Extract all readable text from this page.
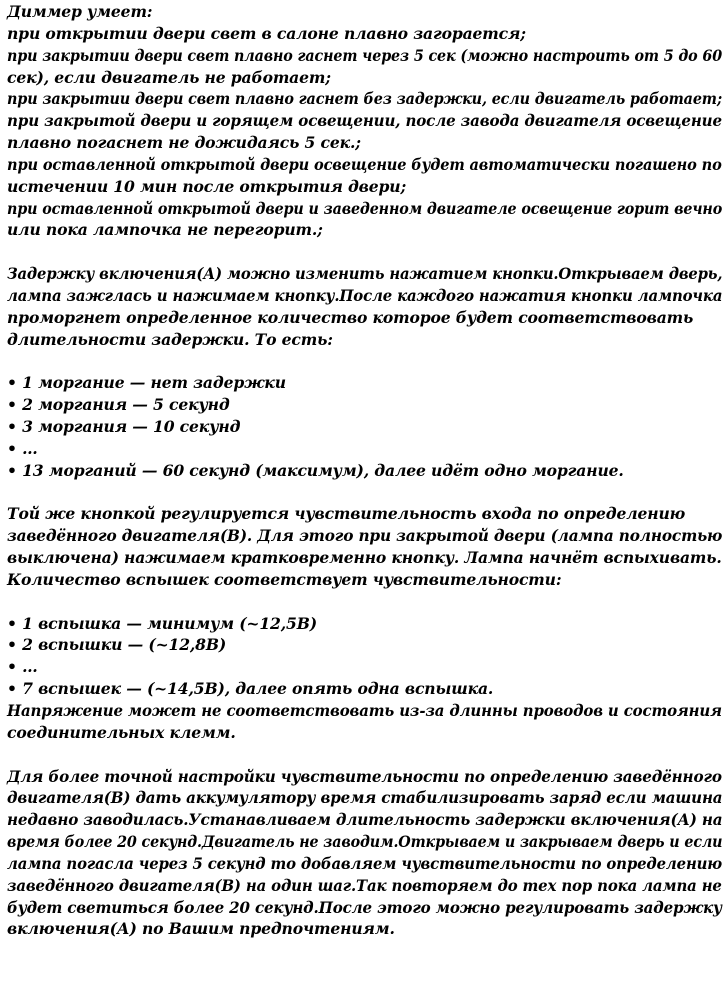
Диммер умеет:
при открытии двери свет в салоне плавно загорается;
при закрытии двери свет плавно гаснет через 5 сек (можно настроить от 5 до 60
сек), если двигатель не работает;
при закрытии двери свет плавно гаснет без задержки, если двигатель работает;
при закрытой двери и горящем освещении, после завода двигателя освещение
плавно погаснет не дожидаясь 5 сек.;
при оставленной открытой двери освещение будет автоматически погашено по
истечении 10 мин после открытия двери;
при оставленной открытой двери и заведенном двигателе освещение горит вечно
или пока лампочка не перегорит.;
Задержку включения(А) можно изменить нажатием кнопки.Открываем дверь,
лампа зажглась и нажимаем кнопку.После каждого нажатия кнопки лампочка
проморгнет определенное количество которое будет соответствовать
длительности задержки. То есть:
• 1 моргание — нет задержки
• 2 моргания — 5 секунд
• 3 моргания — 10 секунд
• …
• 13 морганий — 60 секунд (максимум), далее идёт одно моргание.
Той же кнопкой регулируется чувствительность входа по определению
заведённого двигателя(В). Для этого при закрытой двери (лампа полностью
выключена) нажимаем кратковременно кнопку. Лампа начнёт вспыхивать.
Количество вспышек соответствует чувствительности:
• 1 вспышка — минимум (~12,5В)
• 2 вспышки — (~12,8В)
• …
• 7 вспышек — (~14,5В), далее опять одна вспышка.
Напряжение может не соответствовать из-за длинны проводов и состояния
соединительных клемм.
Для более точной настройки чувствительности по определению заведённого
двигателя(В) дать аккумулятору время стабилизировать заряд если машина
недавно заводилась.Устанавливаем длительность задержки включения(А) на
время более 20 секунд.Двигатель не заводим.Открываем и закрываем дверь и если
лампа погасла через 5 секунд то добавляем чувствительности по определению
заведённого двигателя(В) на один шаг.Так повторяем до тех пор пока лампа не
будет светиться более 20 секунд.После этого можно регулировать задержку
включения(А) по Вашим предпочтениям.
